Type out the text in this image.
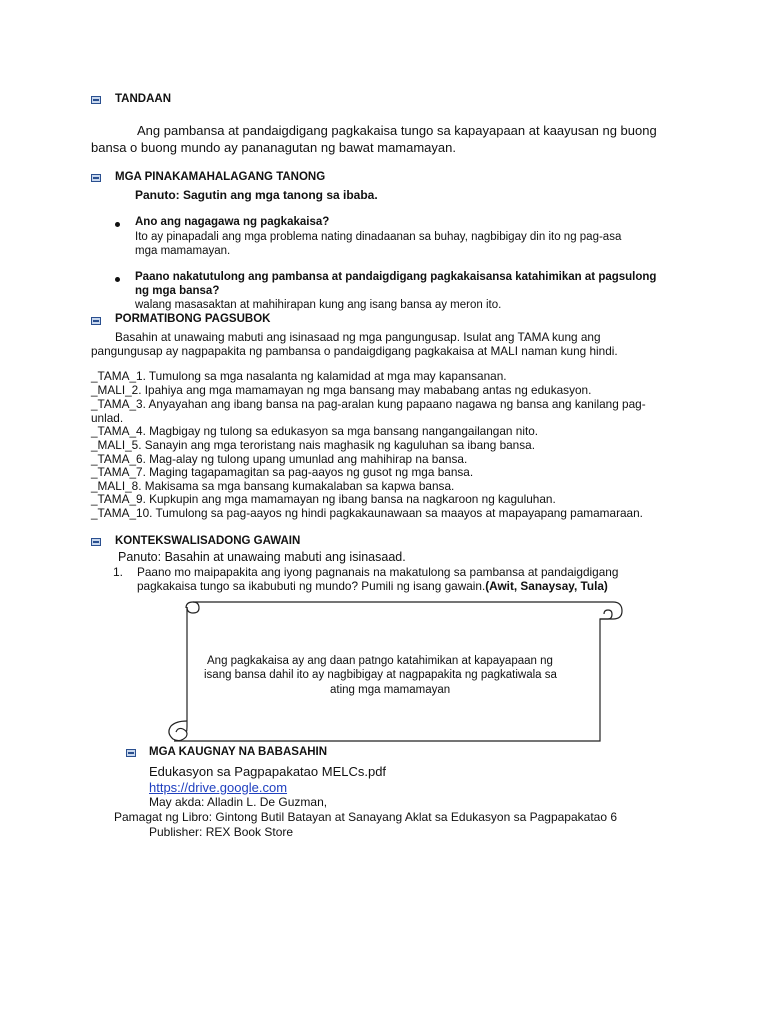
TANDAAN
Ang pambansa at pandaigdigang pagkakaisa tungo sa kapayapaan at kaayusan ng buong
bansa o buong mundo ay pananagutan ng bawat mamamayan.
MGA PINAKAMAHALAGANG TANONG
Panuto: Sagutin ang mga tanong sa ibaba.
Ano ang nagagawa ng pagkakaisa?
Ito ay pinapadali ang mga problema nating dinadaanan sa buhay, nagbibigay din ito ng pag-asa
mga mamamayan.
Paano nakatutulong ang pambansa at pandaigdigang pagkakaisansa katahimikan at pagsulong
ng mga bansa?
walang masasaktan at mahihirapan kung ang isang bansa ay meron ito.
PORMATIBONG PAGSUBOK
Basahin at unawaing mabuti ang isinasaad ng mga pangungusap. Isulat ang TAMA kung ang
pangungusap ay nagpapakita ng pambansa o pandaigdigang pagkakaisa at MALI naman kung hindi.
_TAMA_1. Tumulong sa mga nasalanta ng kalamidad at mga may kapansanan.
_MALI_2. Ipahiya ang mga mamamayan ng mga bansang may mababang antas ng edukasyon.
_TAMA_3. Anyayahan ang ibang bansa na pag-aralan kung papaano nagawa ng bansa ang kanilang pag-
unlad.
_TAMA_4. Magbigay ng tulong sa edukasyon sa mga bansang nangangailangan nito.
_MALI_5. Sanayin ang mga teroristang nais maghasik ng kaguluhan sa ibang bansa.
_TAMA_6. Mag-alay ng tulong upang umunlad ang mahihirap na bansa.
_TAMA_7. Maging tagapamagitan sa pag-aayos ng gusot ng mga bansa.
_MALI_8. Makisama sa mga bansang kumakalaban sa kapwa bansa.
_TAMA_9. Kupkupin ang mga mamamayan ng ibang bansa na nagkaroon ng kaguluhan.
_TAMA_10. Tumulong sa pag-aayos ng hindi pagkakaunawaan sa maayos at mapayapang pamamaraan.
KONTEKSWALISADONG GAWAIN
Panuto: Basahin at unawaing mabuti ang isinasaad.
1. Paano mo maipapakita ang iyong pagnanais na makatulong sa pambansa at pandaigdigang
pagkakaisa tungo sa ikabubuti ng mundo? Pumili ng isang gawain.(Awit, Sanaysay, Tula)
Ang pagkakaisa ay ang daan patngo katahimikan at kapayapaan ng
isang bansa dahil ito ay nagbibigay at nagpapakita ng pagkatiwala sa
ating mga mamamayan
MGA KAUGNAY NA BABASAHIN
Edukasyon sa Pagpapakatao MELCs.pdf
https://drive.google.com
May akda: Alladin L. De Guzman,
Pamagat ng Libro: Gintong Butil Batayan at Sanayang Aklat sa Edukasyon sa Pagpapakatao 6
Publisher: REX Book Store
